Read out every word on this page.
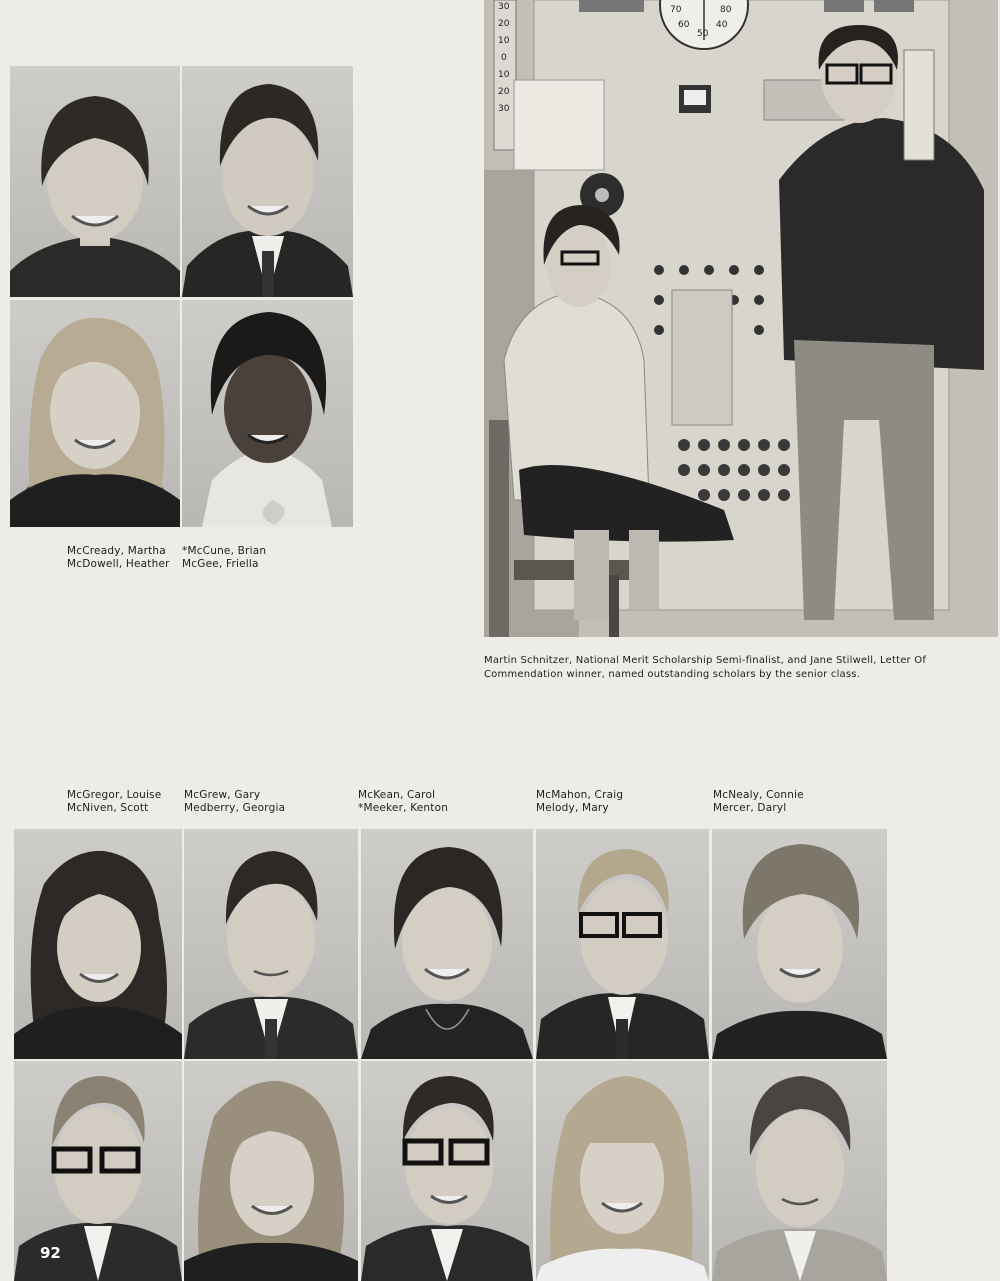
McCready, Martha
McDowell, Heather
*McCune, Brian
McGee, Friella
70	80
60	40
50
30
20
10
0
10
20
30
Martin Schnitzer, National Merit Scholarship Semi-finalist, and Jane Stilwell, Letter Of
Commendation winner, named outstanding scholars by the senior class.
McGregor, Louise
McNiven, Scott
McGrew, Gary
Medberry, Georgia
McKean, Carol
*Meeker, Kenton
McMahon, Craig
Melody, Mary
McNealy, Connie
Mercer, Daryl
92
